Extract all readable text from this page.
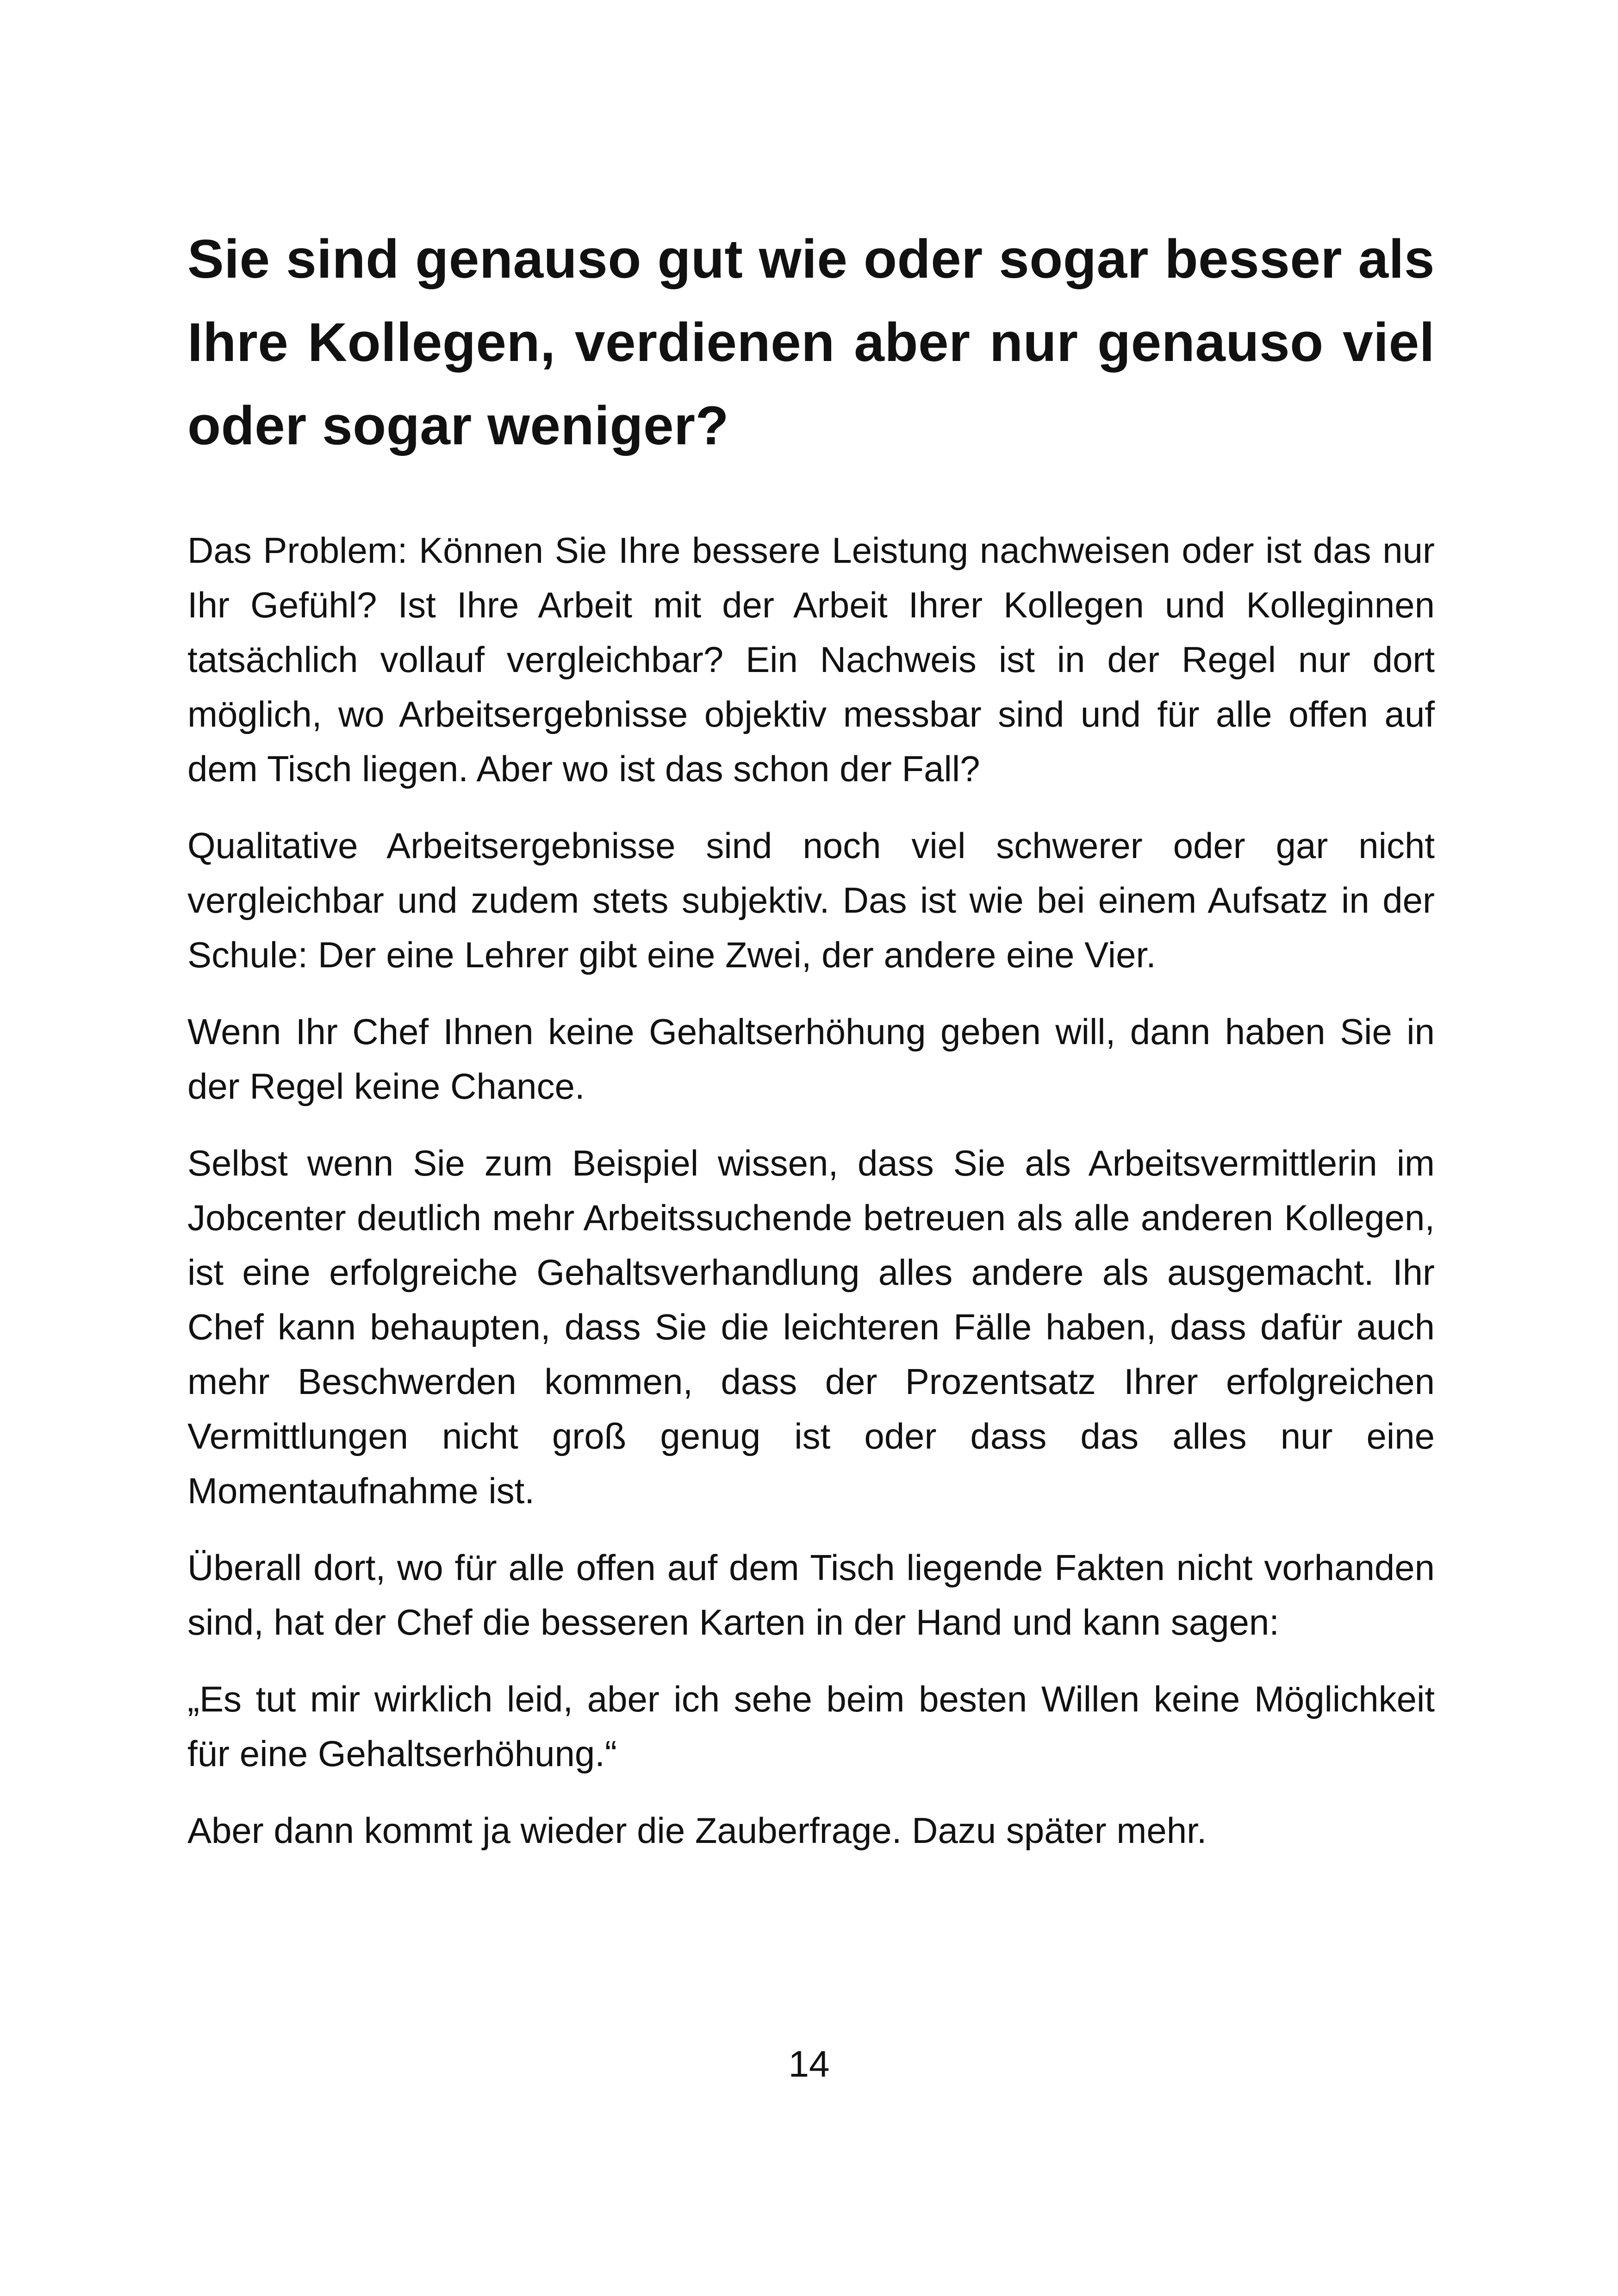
Sie sind genauso gut wie oder sogar besser als Ihre Kollegen, verdienen aber nur genauso viel oder sogar weniger?

Das Problem: Können Sie Ihre bessere Leistung nachweisen oder ist das nur Ihr Gefühl? Ist Ihre Arbeit mit der Arbeit Ihrer Kollegen und Kolleginnen tatsächlich vollauf vergleichbar? Ein Nachweis ist in der Regel nur dort möglich, wo Arbeitsergebnisse objektiv messbar sind und für alle offen auf dem Tisch liegen. Aber wo ist das schon der Fall?

Qualitative Arbeitsergebnisse sind noch viel schwerer oder gar nicht vergleichbar und zudem stets subjektiv. Das ist wie bei einem Aufsatz in der Schule: Der eine Lehrer gibt eine Zwei, der andere eine Vier.

Wenn Ihr Chef Ihnen keine Gehaltserhöhung geben will, dann haben Sie in der Regel keine Chance.

Selbst wenn Sie zum Beispiel wissen, dass Sie als Arbeitsvermittlerin im Jobcenter deutlich mehr Arbeitssuchende betreuen als alle anderen Kollegen, ist eine erfolgreiche Gehaltsverhandlung alles andere als ausgemacht. Ihr Chef kann behaupten, dass Sie die leichteren Fälle haben, dass dafür auch mehr Beschwerden kommen, dass der Prozentsatz Ihrer erfolgreichen Vermittlungen nicht groß genug ist oder dass das alles nur eine Momentaufnahme ist.

Überall dort, wo für alle offen auf dem Tisch liegende Fakten nicht vorhanden sind, hat der Chef die besseren Karten in der Hand und kann sagen:

„Es tut mir wirklich leid, aber ich sehe beim besten Willen keine Möglichkeit für eine Gehaltserhöhung.“

Aber dann kommt ja wieder die Zauberfrage. Dazu später mehr.

14
